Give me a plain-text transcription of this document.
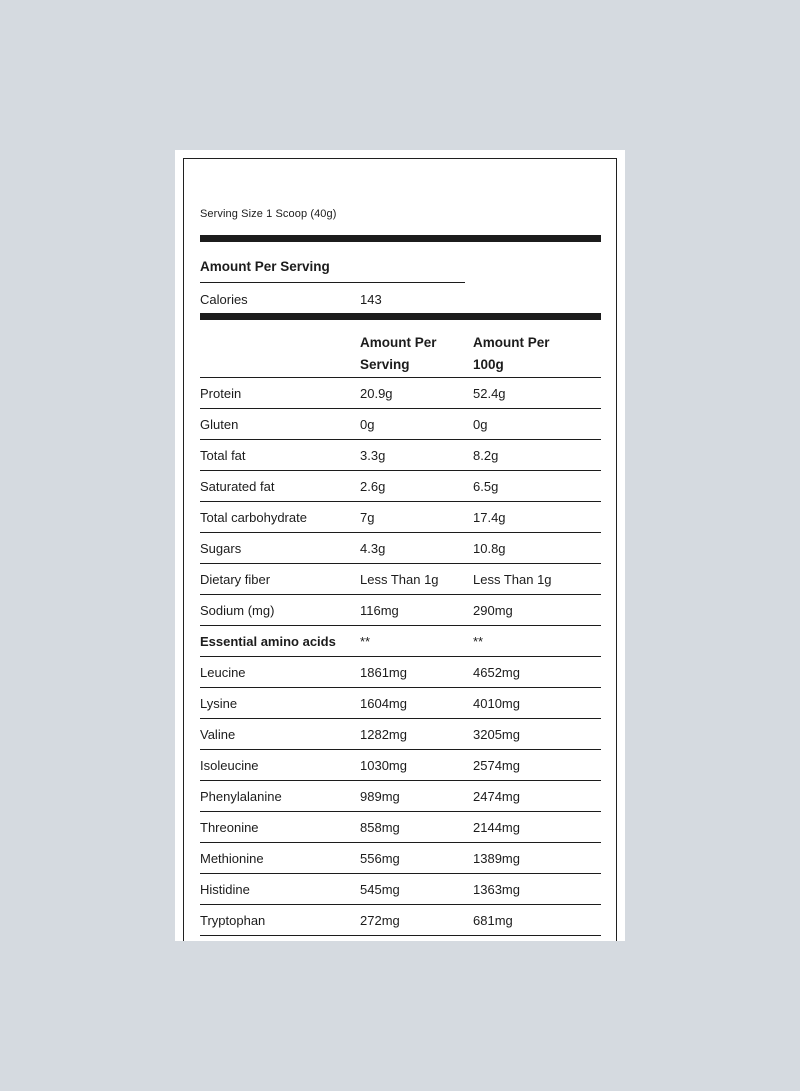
Serving Size 1 Scoop (40g)
Amount Per Serving
Calories	143
Amount Per
Serving
Amount Per
100g
Protein	20.9g	52.4g
Gluten	0g	0g
Total fat	3.3g	8.2g
Saturated fat	2.6g	6.5g
Total carbohydrate	7g	17.4g
Sugars	4.3g	10.8g
Dietary fiber	Less Than 1g	Less Than 1g
Sodium (mg)	116mg	290mg
Essential amino acids	**	**
Leucine	1861mg	4652mg
Lysine	1604mg	4010mg
Valine	1282mg	3205mg
Isoleucine	1030mg	2574mg
Phenylalanine	989mg	2474mg
Threonine	858mg	2144mg
Methionine	556mg	1389mg
Histidine	545mg	1363mg
Tryptophan	272mg	681mg
